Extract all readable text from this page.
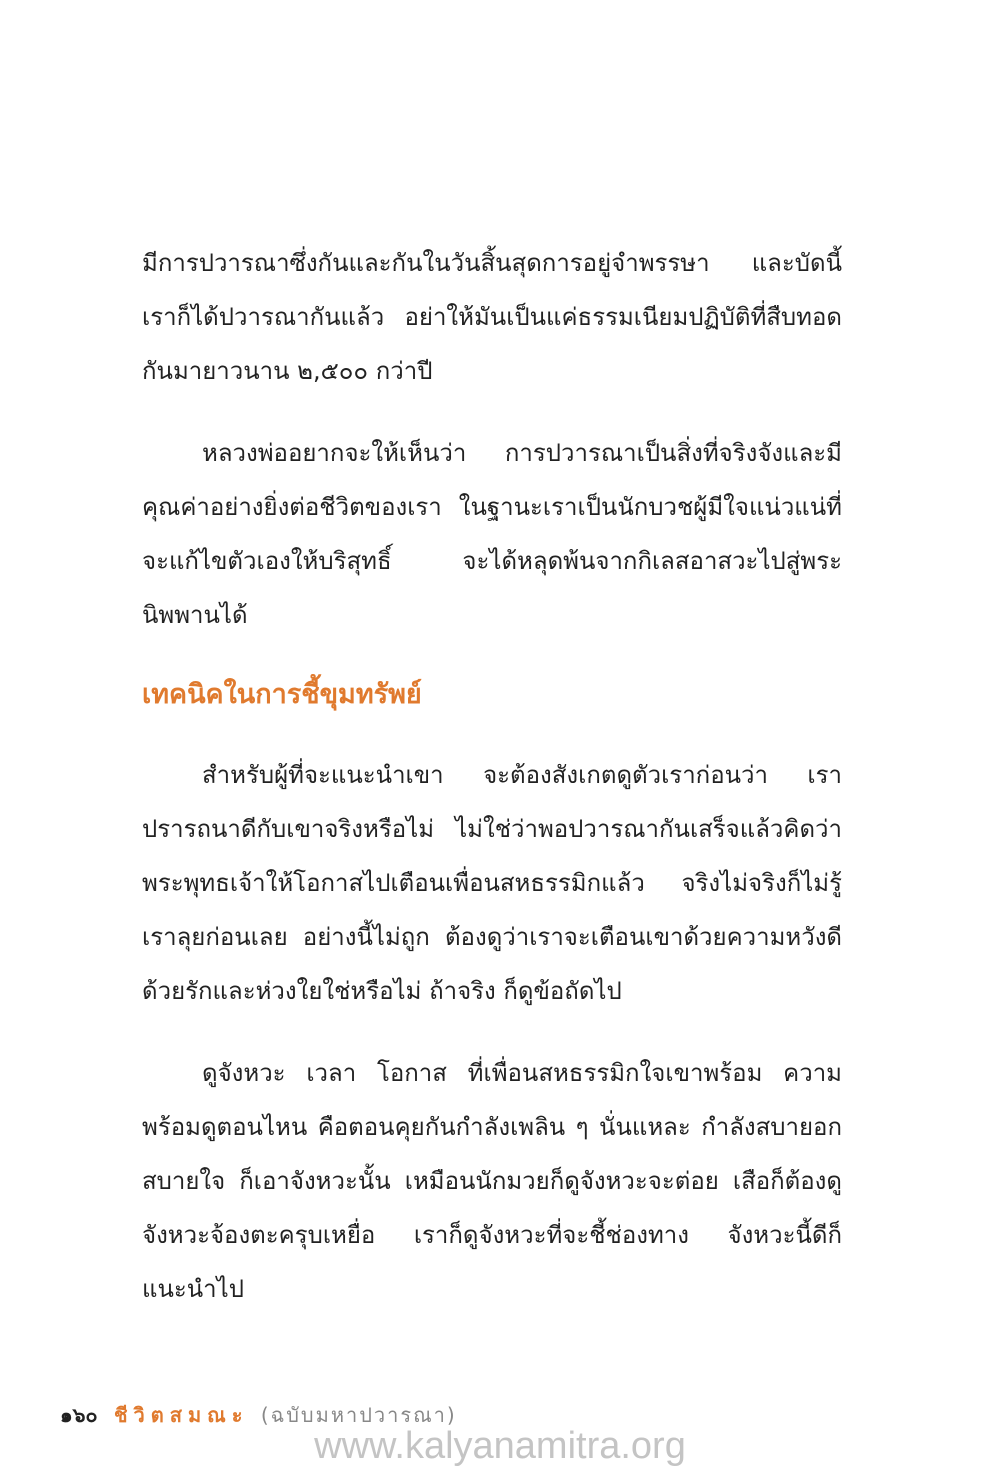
มีการปวารณาซึ่งกันและกันในวันสิ้นสุดการอยู่จำพรรษา และบัดนี้เราก็ได้ปวารณากันแล้ว อย่าให้มันเป็นแค่ธรรมเนียมปฏิบัติที่สืบทอดกันมายาวนาน ๒,๕๐๐ กว่าปี

หลวงพ่ออยากจะให้เห็นว่า การปวารณาเป็นสิ่งที่จริงจังและมีคุณค่าอย่างยิ่งต่อชีวิตของเรา ในฐานะเราเป็นนักบวชผู้มีใจแน่วแน่ที่จะแก้ไขตัวเองให้บริสุทธิ์ จะได้หลุดพ้นจากกิเลสอาสวะไปสู่พระนิพพานได้

เทคนิคในการชี้ขุมทรัพย์

สำหรับผู้ที่จะแนะนำเขา จะต้องสังเกตดูตัวเราก่อนว่า เราปรารถนาดีกับเขาจริงหรือไม่ ไม่ใช่ว่าพอปวารณากันเสร็จแล้วคิดว่าพระพุทธเจ้าให้โอกาสไปเตือนเพื่อนสหธรรมิกแล้ว จริงไม่จริงก็ไม่รู้ เราลุยก่อนเลย อย่างนี้ไม่ถูก ต้องดูว่าเราจะเตือนเขาด้วยความหวังดี ด้วยรักและห่วงใยใช่หรือไม่ ถ้าจริง ก็ดูข้อถัดไป

ดูจังหวะ เวลา โอกาส ที่เพื่อนสหธรรมิกใจเขาพร้อม ความพร้อมดูตอนไหน คือตอนคุยกันกำลังเพลิน ๆ นั่นแหละ กำลังสบายอกสบายใจ ก็เอาจังหวะนั้น เหมือนนักมวยก็ดูจังหวะจะต่อย เสือก็ต้องดูจังหวะจ้องตะครุบเหยื่อ เราก็ดูจังหวะที่จะชี้ช่องทาง จังหวะนี้ดีก็แนะนำไป

๑๖๐ ชีวิตสมณะ (ฉบับมหาปวารณา)
www.kalyanamitra.org
